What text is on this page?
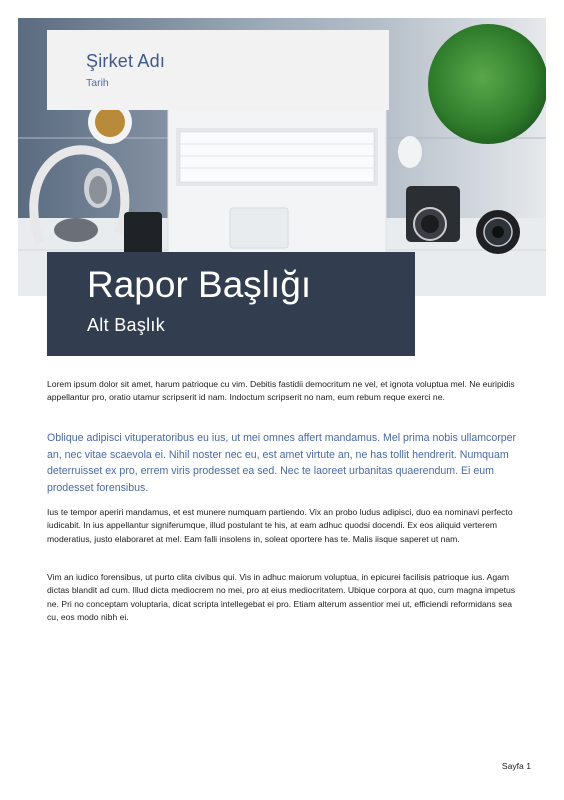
Şirket Adı
Tarih
Rapor Başlığı
Alt Başlık

Lorem ipsum dolor sit amet, harum patrioque cu vim. Debitis fastidii democritum ne vel, et ignota voluptua mel. Ne euripidis appellantur pro, oratio utamur scripserit id nam. Indoctum scripserit no nam, eum rebum reque exerci ne.

Oblique adipisci vituperatoribus eu ius, ut mei omnes affert mandamus. Mel prima nobis ullamcorper an, nec vitae scaevola ei. Nihil noster nec eu, est amet virtute an, ne has tollit hendrerit. Numquam deterruisset ex pro, errem viris prodesset ea sed. Nec te laoreet urbanitas quaerendum. Ei eum prodesset forensibus.

Ius te tempor aperiri mandamus, et est munere numquam partiendo. Vix an probo ludus adipisci, duo ea nominavi perfecto iudicabit. In ius appellantur signiferumque, illud postulant te his, at eam adhuc quodsi docendi. Ex eos aliquid verterem moderatius, justo elaboraret at mel. Eam falli insolens in, soleat oportere has te. Malis iisque saperet ut nam.

Vim an iudico forensibus, ut purto clita civibus qui. Vis in adhuc maiorum voluptua, in epicurei facilisis patrioque ius. Agam dictas blandit ad cum. Illud dicta mediocrem no mei, pro at eius mediocritatem. Ubique corpora at quo, cum magna impetus ne. Pri no conceptam voluptaria, dicat scripta intellegebat ei pro. Etiam alterum assentior mei ut, efficiendi reformidans sea cu, eos modo nibh ei.

Sayfa 1
